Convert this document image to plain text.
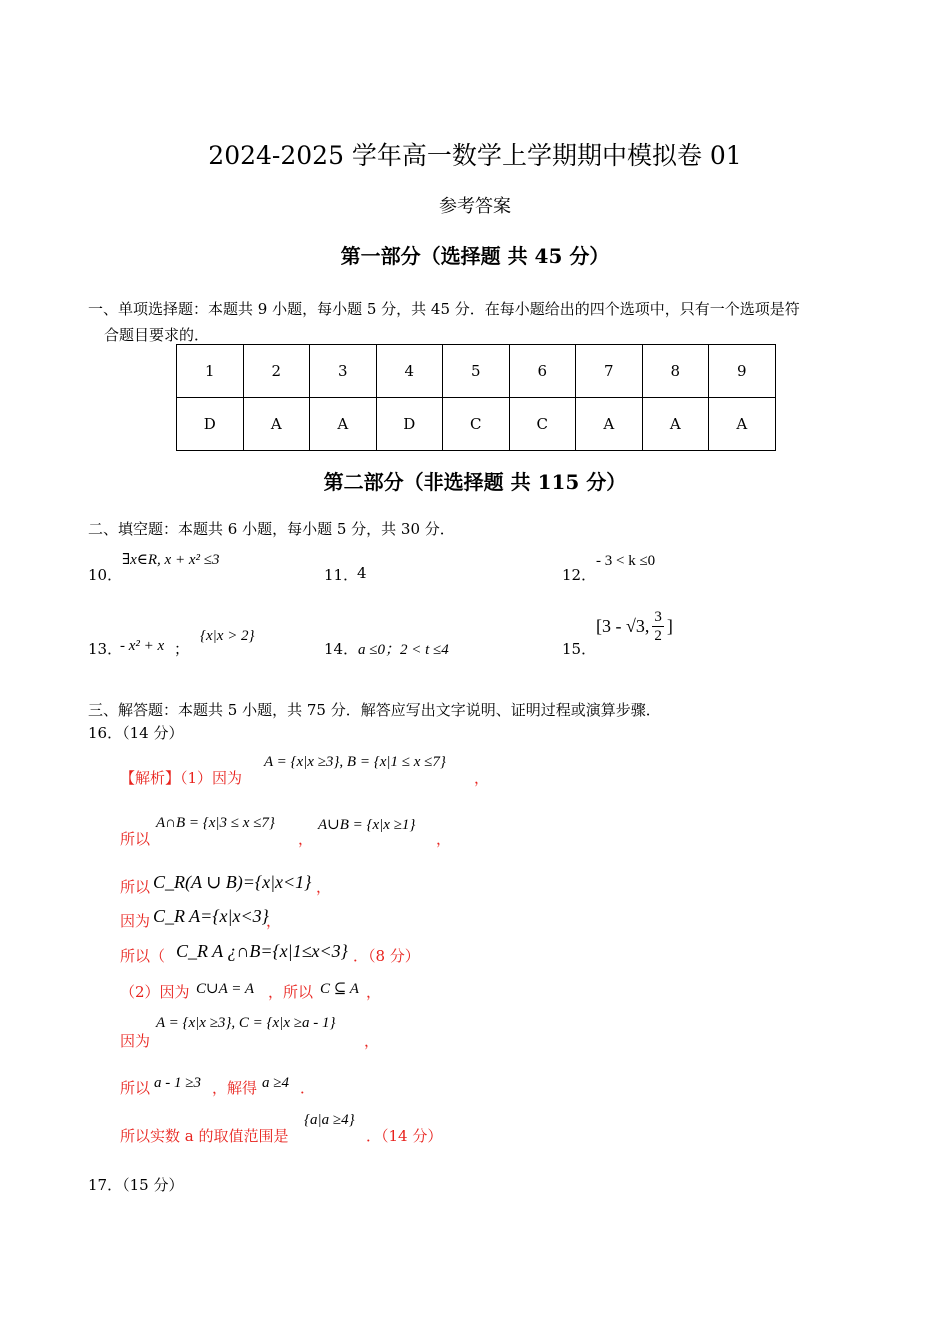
2024-2025 学年高一数学上学期期中模拟卷 01
参考答案
第一部分（选择题 共 45 分）
一、单项选择题：本题共 9 小题，每小题 5 分，共 45 分．在每小题给出的四个选项中，只有一个选项是符
合题目要求的．
1	2	3	4	5	6	7	8	9
D	A	A	D	C	C	A	A	A
第二部分（非选择题 共 115 分）
二、填空题：本题共 6 小题，每小题 5 分，共 30 分．
10．
∃x∈R, x + x² ≤3
11．
4	12．
- 3 < k ≤0
13．
- x² + x ；
{x|x > 2}
14． a ≤0；2 < t ≤4	15．
[3 - √3, $\frac{3}{2}$ ]
三、解答题：本题共 5 小题，共 75 分．解答应写出文字说明、证明过程或演算步骤．
16．（14 分）
【解析】（1）因为
A = {x|x ≥3}, B = {x|1 ≤ x ≤7}
，
所以
A∩B = {x|3 ≤ x ≤7}
，
A∪B = {x|x ≥1}
，
所以 C_R(A ∪ B)={x|x<1} ，
因为 C_R A={x|x<3}
，
所以（ C_R A ¿∩B={x|1≤x<3} ．（8 分）
（2）因为 C∪A = A ，所以 C ⊆ A ，
因为
A = {x|x ≥3}, C = {x|x ≥a - 1}
，
所以 a - 1 ≥3 ，解得 a ≥4 ．
所以实数 a 的取值范围是
{a|a ≥4}
．（14 分）
17．（15 分）
